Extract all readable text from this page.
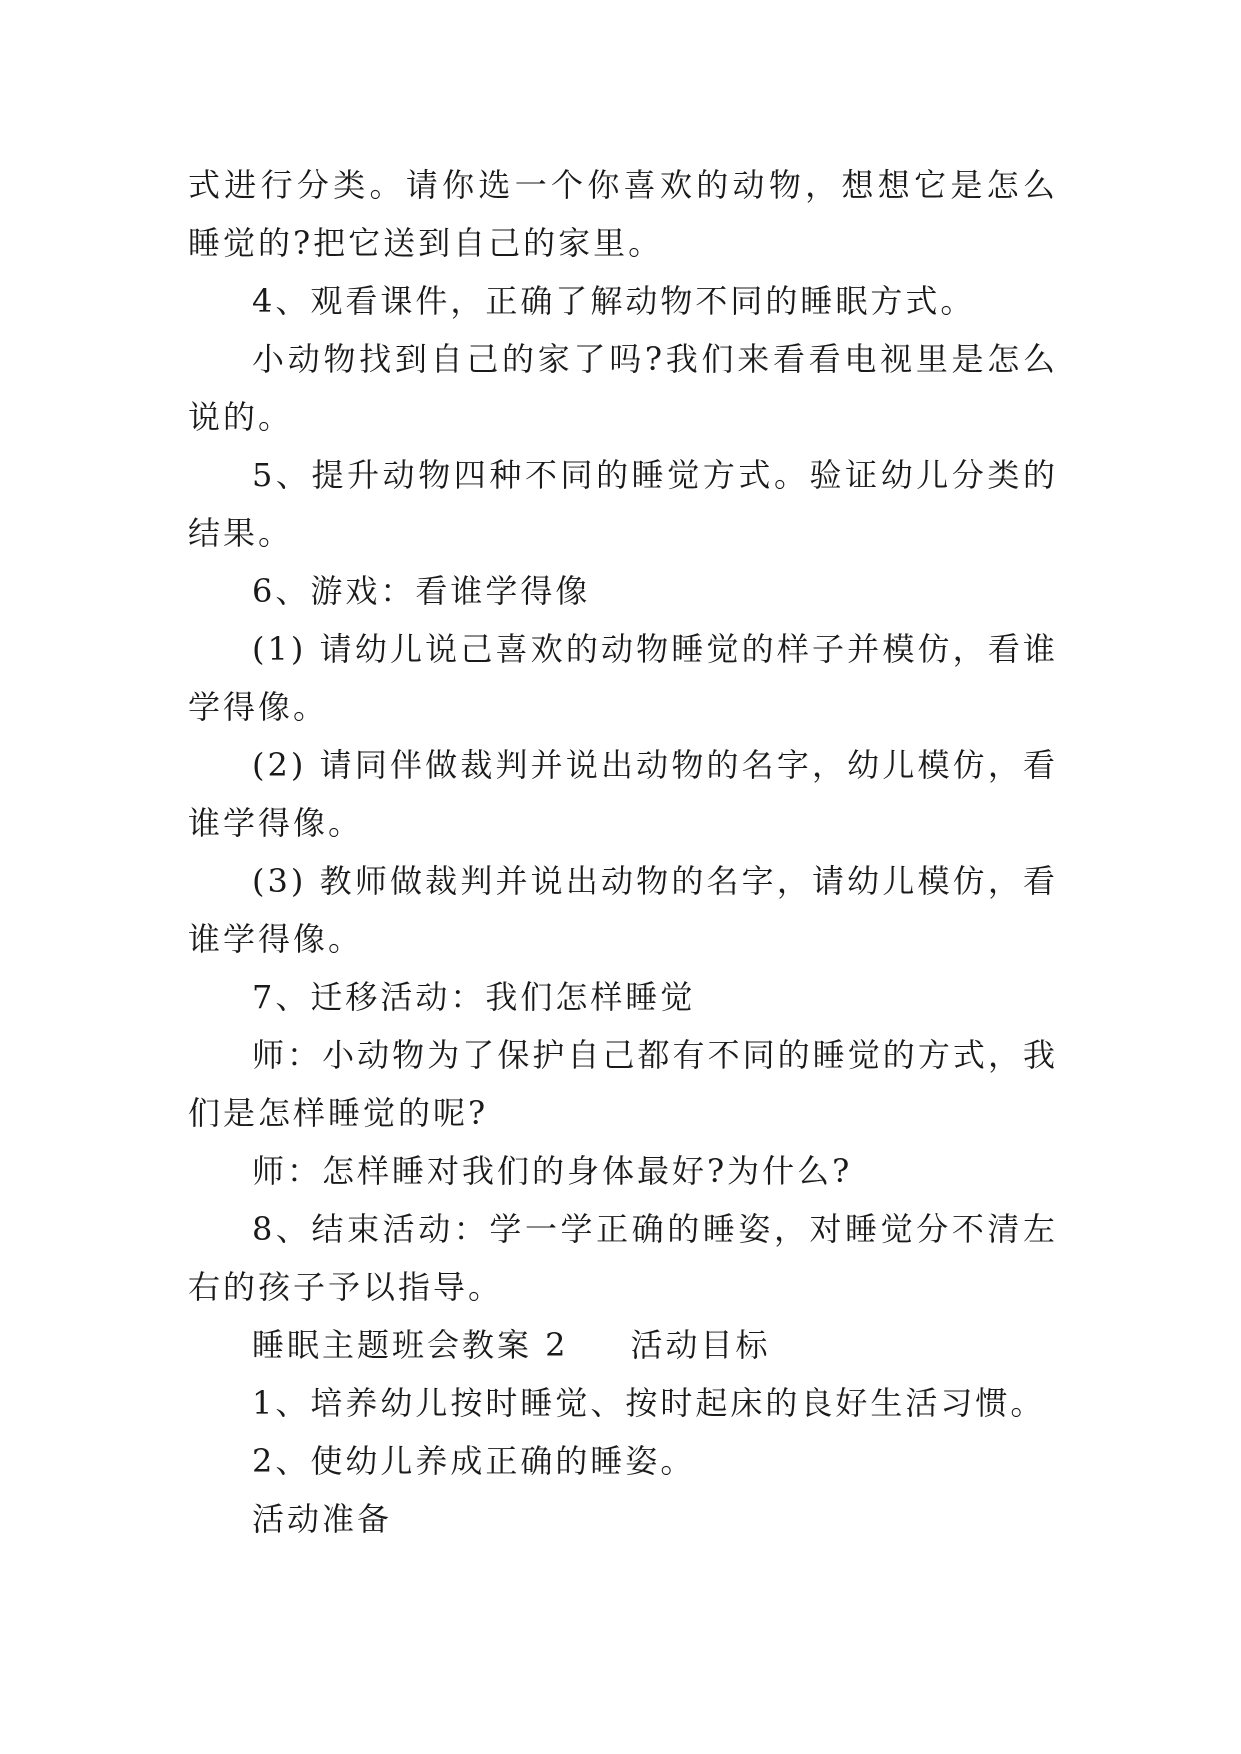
式进行分类。请你选一个你喜欢的动物，想想它是怎么睡觉的?把它送到自己的家里。

4、观看课件，正确了解动物不同的睡眠方式。

小动物找到自己的家了吗?我们来看看电视里是怎么说的。

5、提升动物四种不同的睡觉方式。验证幼儿分类的结果。

6、游戏：看谁学得像

(1) 请幼儿说己喜欢的动物睡觉的样子并模仿，看谁学得像。

(2) 请同伴做裁判并说出动物的名字，幼儿模仿，看谁学得像。

(3) 教师做裁判并说出动物的名字，请幼儿模仿，看谁学得像。

7、迁移活动：我们怎样睡觉

师：小动物为了保护自己都有不同的睡觉的方式，我们是怎样睡觉的呢?

师：怎样睡对我们的身体最好?为什么?

8、结束活动：学一学正确的睡姿，对睡觉分不清左右的孩子予以指导。

睡眠主题班会教案 2 活动目标

1、培养幼儿按时睡觉、按时起床的良好生活习惯。

2、使幼儿养成正确的睡姿。

活动准备
